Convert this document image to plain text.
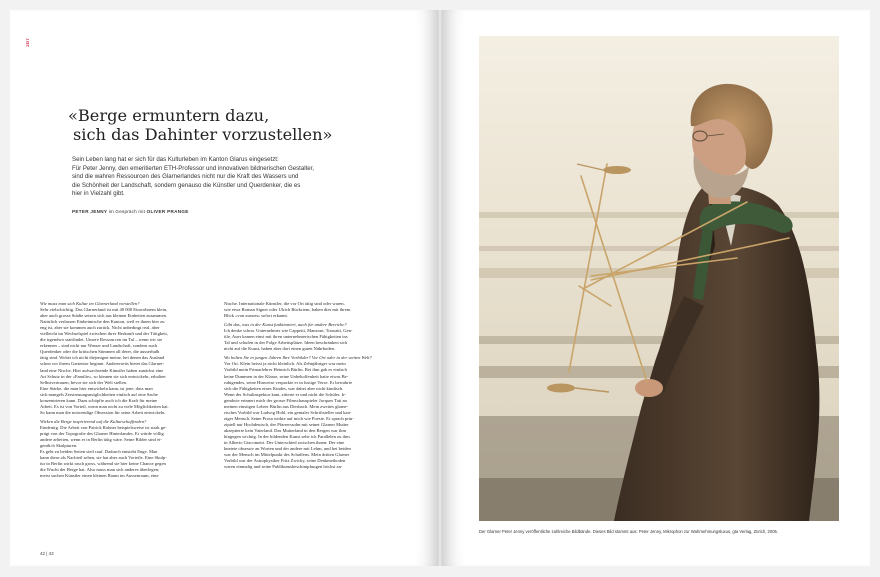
ZEIT
«Berge ermuntern dazu,
sich das Dahinter vorzustellen»
Sein Leben lang hat er sich für das Kulturleben im Kanton Glarus eingesetzt:
Für Peter Jenny, den emeritierten ETH-Professor und innovativen bildnerischen Gestalter,
sind die wahren Ressourcen des Glarnerlandes nicht nur die Kraft des Wassers und
die Schönheit der Landschaft, sondern genauso die Künstler und Querdenker, die es
hier in Vielzahl gibt.
PETER JENNY im Gespräch mit OLIVER PRANGE
Wie muss man sich Kultur im Glarnerland vorstellen?
Sehr vielschichtig. Das Glarnerland ist mit 40 000 Einwohnern klein,
aber auch grosse Städte setzen sich aus kleinen Einheiten zusammen.
Natürlich verlassen Einheimische den Kanton, weil es ihnen hier zu
eng ist, aber sie kommen auch zurück. Nicht unbedingt real, aber
vielleicht im Wechselspiel zwischen ihrer Herkunft und der Tätigkeit,
die irgendwo stattfindet. Unsere Ressourcen im Tal – wenn wir sie
erkennen – sind nicht nur Wasser und Landschaft, sondern auch
Querdenker oder die kritischen Stimmen all derer, die ausserhalb
tätig sind. Wobei ich nicht diejenigen meine, bei denen das Ausland
schon vor ihrem Gartentor beginnt. Andererseits bietet das Glarner-
land eine Nische. Hier aufwachsende Künstler haben zunächst eine
Art Schutz in der «Familie», so können sie sich entwickeln, erhalten
Selbstvertrauen, bevor sie sich der Welt stellen.
Eine Stärke, die man hier entwickeln kann, ist jene, dass man
sich mangels Zerstreuungsmöglichkeiten einfach auf eine Sache
konzentrieren kann. Dazu schöpfte auch ich die Kraft für meine
Arbeit. Es ist von Vorteil, wenn man nicht zu viele Möglichkeiten hat.
So kann man die notwendige Obsession für seine Arbeit entwickeln.
Wirken die Berge inspirierend auf die Kulturschaffenden?
Eindeutig. Die Arbeit von Patrick Rohner beispielsweise ist stark ge-
prägt von der Topografie des Glarner Hinterlandes. Er würde völlig
andere arbeiten, wenn er in Berlin tätig wäre. Seine Bilder sind ei-
gentlich Skulpturen.
Es geht zu beiden Seiten steil rauf. Dadurch entsteht Enge. Man
kann diese als Nachteil sehen, sie hat aber auch Vorteile. Eine Skulp-
tur in Berlin wirkt rasch gross, während sie hier keine Chance gegen
die Wucht der Berge hat. Also muss man sich anderes überlegen;
meist suchen Künstler einen kleinen Raum im Aussenraum, eine
Nische. Internationale Künstler, die vor Ort tätig sind oder waren,
wie etwa Roman Signer oder Ulrich Rückriem, haben dies mit ihrem
Blick «von aussen» sofort erkannt.
Gibt das, was in der Kunst funktioniert, auch für andere Bereiche?
Ich denke schon. Unternehmer wie Cappetti, Manzoni, Tonoatti, Gen-
tile, Auer kamen einst mit ihren unternehmerischen Fähigkeiten ins
Tal und schufen in der Folge Arbeitsplätze. Ideen beschränken sich
nicht auf die Kunst, haben aber dort einen guten Nährboden.
Wo holten Sie in jungen Jahren Ihre Vorbilder? Vor Ort oder in der weiten Welt?
Vor Ort. Klein heisst ja nicht kleinlich. Als Zehnjähriger war mein
Vorbild mein Primarlehrer Heinrich Bürlin. Bei ihm gab es einfach
keine Dummen in der Klasse, seine Unbeholfenheit hatte etwas Be-
ruhigendes, seine Hinweise verpackte er in lustige Verse. Er bewahrte
sich die Fähigkeiten eines Kindes, war dabei aber nicht kindisch.
Wenn der Schulinspektor kam, zitterte er und nicht die Schüler. Ir-
gendwie erinnert mich der grosse Filmschauspieler Jacques Tati an
meinen einstigen Lehrer Bürlin aus Diesbach. Mein zweites glarne-
risches Vorbild war Ludwig Hohl, ein genialer Schriftsteller und kau-
ziger Mensch. Seine Prosa wirkte auf mich wie Poesie. Er sprach prin-
zipiell nur Hochdeutsch, der Pfarrerssohn mit seiner Glarner Mutter
akzeptierte kein Vaterland. Das Mutterland in den Bergen war ihm
hingegen wichtig. In der bildenden Kunst sehe ich Parallelen zu ihm
in Alberto Giacometti. Der Unterschied zwischen ihnen: Der eine
knetete obsessiv an Worten und der andere mit Lehm, und bei beiden
war der Mensch im Mittelpunkt des Schaffens. Mein dritten Glarner
Vorbild war der Astrophysiker Fritz Zwicky, seine Denkmethoden
waren einmalig und seine Publikumsbeschimpfungen höchst an-
42 | 43
Der Glarner Peter Jenny veröffentliche zahlreiche Bildbände. Dieses Bild stammt aus: Peter Jenny, Mikrophon zur Wahrnehmungsluxus, gta Verlag, Zürich, 2005.
